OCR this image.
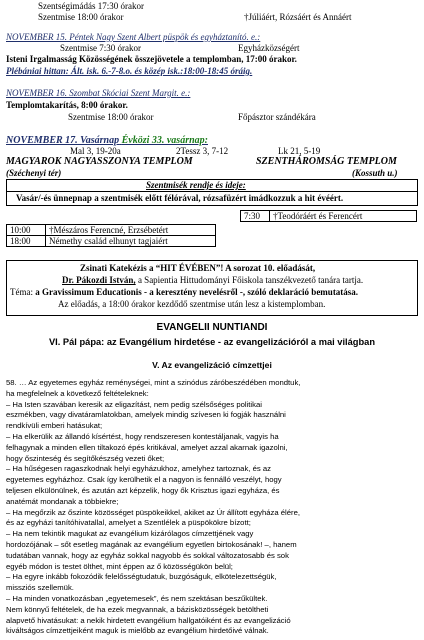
Szentségimádás 17:30 órakor
Szentmise 18:00 órakor	†Júliáért, Rózsáért és Annáért
NOVEMBER 15. Péntek Nagy Szent Albert püspök és egyháztanító. e.:
Szentmise 7:30 órakor	Egyházközségért
Isteni Irgalmasság Közösségének összejövetele a templomban, 17:00 órakor.
Plébániai hittan: Ált. isk. 6.-7-8.o. és közép isk.:18:00-18:45 óráig.
NOVEMBER 16. Szombat Skóciai Szent Margit. e.:
Templomtakarítás, 8:00 órakor.
Szentmise 18:00 órakor	Főpásztor szándékára
NOVEMBER 17. Vasárnap Évközi 33. vasárnap:
Mal 3, 19-20a	2Tessz 3, 7-12	Lk 21, 5-19
MAGYAROK NAGYASSZONYA TEMPLOM	SZENTHÁROMSÁG TEMPLOM
(Széchenyi tér)	(Kossuth u.)
Szentmisék rendje és ideje:
Vasár/-és ünnepnap a szentmisék előtt félórával, rózsafüzért imádkozzuk a hit évéért.
7:30	†Teodóráért és Ferencért
10:00	†Mészáros Ferencné, Erzsébetért
18:00	Némethy család elhunyt tagjaiért
Zsinati Katekézis a “HIT ÉVÉBEN”! A sorozat 10. előadását,
Dr. Pákozdi István, a Sapientia Hittudományi Főiskola tanszékvezető tanára tartja.
Téma: a Gravissimum Educationis - a keresztény nevelésről -, szóló deklaráció bemutatása.
Az előadás, a 18:00 órakor kezdődő szentmise után lesz a kistemplomban.
EVANGELII NUNTIANDI
VI. Pál pápa: az Evangélium hirdetése - az evangelizációról a mai világban
V. Az evangelizáció címzettjei
58. … Az egyetemes egyház reménységei, mint a szinódus záróbeszédében mondtuk,
ha megfelelnek a következő feltételeknek:
– Ha Isten szavában keresik az eligazítást, nem pedig szélsőséges politikai
eszmékben, vagy divatáramlatokban, amelyek mindig szívesen ki fogják használni
rendkívüli emberi hatásukat;
– Ha elkerülik az állandó kísértést, hogy rendszeresen kontestáljanak, vagyis ha
felhagynak a minden ellen tiltakozó épés kritikával, amelyet azzal akarnak igazolni,
hogy őszinteség és segítőkészség vezeti őket;
– Ha hűségesen ragaszkodnak helyi egyházukhoz, amelyhez tartoznak, és az
egyetemes egyházhoz. Csak így kerülhetik el a nagyon is fennálló veszélyt, hogy
teljesen elkülönülnek, és azután azt képzelik, hogy ők Krisztus igazi egyháza, és
anatémát mondanak a többiekre;
– Ha megőrzik az őszinte közösséget püspökeikkel, akiket az Úr állított egyháza élére,
és az egyházi tanítóhivatallal, amelyet a Szentlélek a püspökökre bízott;
– Ha nem tekintik magukat az evangélium kizárólagos címzettjének vagy
hordozójának – sőt esetleg magának az evangélium egyetlen birtokosának! –, hanem
tudatában vannak, hogy az egyház sokkal nagyobb és sokkal változatosabb és sok
egyéb módon is testet ölthet, mint éppen az ő közösségükön belül;
– Ha egyre inkább fokozódik felelősségtudatuk, buzgóságuk, elkötelezettségük,
missziós szellemük.
– Ha minden vonatkozásban „egyetemesek”, és nem szektásan beszűkültek.
Nem könnyű feltételek, de ha ezek megvannak, a bázisközösségek betöltheti
alapvető hivatásukat: a nekik hirdetett evangélium hallgatóiként és az evangelizáció
kiváltságos címzettjeiként maguk is mielőbb az evangélium hirdetőivé válnak.
